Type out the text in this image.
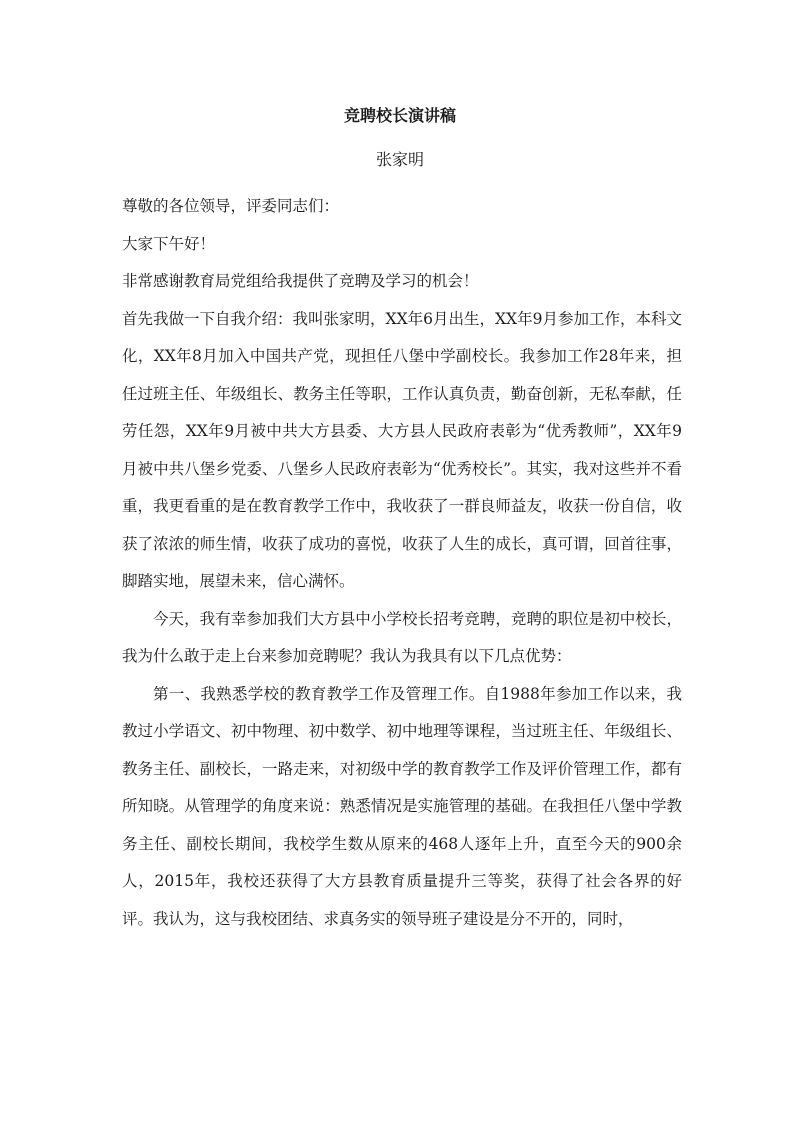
竞聘校长演讲稿
张家明

尊敬的各位领导，评委同志们：

大家下午好！

非常感谢教育局党组给我提供了竞聘及学习的机会！

首先我做一下自我介绍：我叫张家明，XX年6月出生，XX年9月参加工作，本科文化，XX年8月加入中国共产党，现担任八堡中学副校长。我参加工作28年来，担任过班主任、年级组长、教务主任等职，工作认真负责，勤奋创新，无私奉献，任劳任怨，XX年9月被中共大方县委、大方县人民政府表彰为“优秀教师”，XX年9月被中共八堡乡党委、八堡乡人民政府表彰为“优秀校长”。其实，我对这些并不看重，我更看重的是在教育教学工作中，我收获了一群良师益友，收获一份自信，收获了浓浓的师生情，收获了成功的喜悦，收获了人生的成长，真可谓，回首往事，脚踏实地，展望未来，信心满怀。

今天，我有幸参加我们大方县中小学校长招考竞聘，竞聘的职位是初中校长，我为什么敢于走上台来参加竞聘呢？我认为我具有以下几点优势：

第一、我熟悉学校的教育教学工作及管理工作。自1988年参加工作以来，我教过小学语文、初中物理、初中数学、初中地理等课程，当过班主任、年级组长、教务主任、副校长，一路走来，对初级中学的教育教学工作及评价管理工作，都有所知晓。从管理学的角度来说：熟悉情况是实施管理的基础。在我担任八堡中学教务主任、副校长期间，我校学生数从原来的468人逐年上升，直至今天的900余人，2015年，我校还获得了大方县教育质量提升三等奖，获得了社会各界的好评。我认为，这与我校团结、求真务实的领导班子建设是分不开的，同时，
